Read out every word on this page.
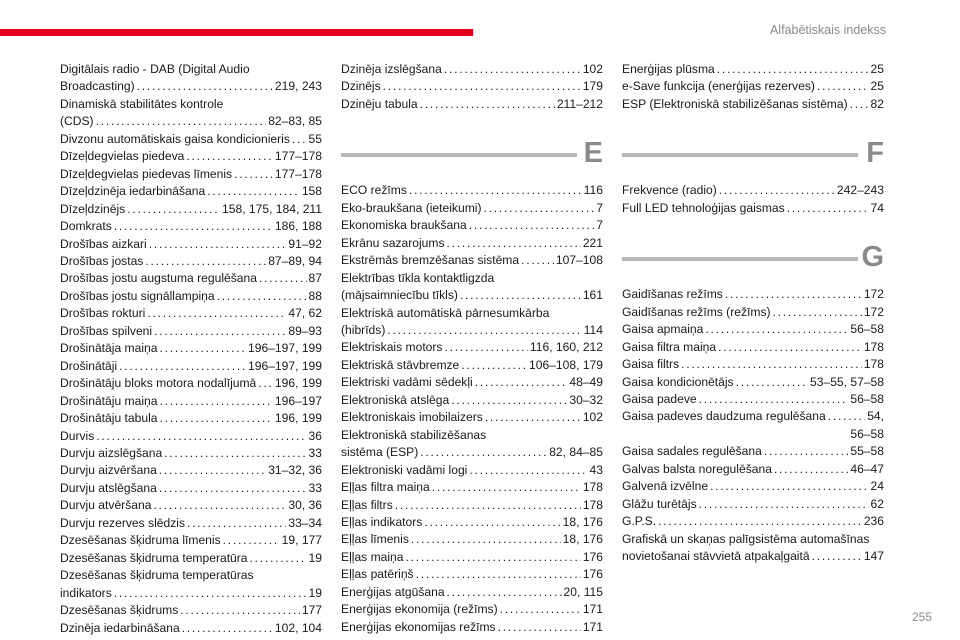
Alfabētiskais indekss
Digitālais radio - DAB (Digital Audio
Broadcasting) . . .	219, 243
Dinamiskā stabilitātes kontrole
(CDS) . . .	82–83, 85
Divzonu automātiskais gaisa kondicionieris . . . 55
Dīzeļdegvielas piedeva . . .	177–178
Dīzeļdegvielas piedevas līmenis . . .	177–178
Dīzeļdzinēja iedarbināšana . . .	158
Dīzeļdzinējs . . .	158, 175, 184, 211
Domkrats . . .	186, 188
Drošības aizkari . . .	91–92
Drošības jostas . . .	87–89, 94
Drošības jostu augstuma regulēšana . . .	87
Drošības jostu signāllampiņa . . .	88
Drošības rokturi . . .	47, 62
Drošības spilveni . . .	89–93
Drošinātāja maiņa . . .	196–197, 199
Drošinātāji . . .	196–197, 199
Drošinātāju bloks motora nodalījumā . . . 196, 199
Drošinātāju maiņa . . .	196–197
Drošinātāju tabula . . .	196, 199
Durvis . . .	36
Durvju aizslēgšana . . .	33
Durvju aizvēršana . . .	31–32, 36
Durvju atslēgšana . . .	33
Durvju atvēršana . . .	30, 36
Durvju rezerves slēdzis . . .	33–34
Dzesēšanas šķidruma līmenis . . .	19, 177
Dzesēšanas šķidruma temperatūra . . .	19
Dzesēšanas šķidruma temperatūras
indikators . . .	19
Dzesēšanas šķidrums . . .	177
Dzinēja iedarbināšana . . .	102, 104
Dzinēja izslēgšana . . .	102
Dzinējs . . .	179
Dzinēju tabula . . .	211–212
E
ECO režīms . . .	116
Eko-braukšana (ieteikumi) . . .	7
Ekonomiska braukšana . . .	7
Ekrānu sazarojums . . .	221
Ekstrēmās bremzēšanas sistēma . . .	107–108
Elektrības tīkla kontaktligzda
(mājsaimniecību tīkls) . . .	161
Elektriskā automātiskā pārnesumkārba
(hibrīds) . . .	114
Elektriskais motors . . .	116, 160, 212
Elektriskā stāvbremze . . .	106–108, 179
Elektriski vadāmi sēdekļi . . .	48–49
Elektroniskā atslēga . . .	30–32
Elektroniskais imobilaizers . . .	102
Elektroniskā stabilizēšanas
sistēma (ESP) . . .	82, 84–85
Elektroniski vadāmi logi . . .	43
Eļļas filtra maiņa . . .	178
Eļļas filtrs . . .	178
Eļļas indikators . . .	18, 176
Eļļas līmenis . . .	18, 176
Eļļas maiņa . . .	176
Eļļas patēriņš . . .	176
Enerģijas atgūšana . . .	20, 115
Enerģijas ekonomija (režīms) . . .	171
Enerģijas ekonomijas režīms . . .	171
Enerģijas plūsma . . .	25
e-Save funkcija (enerģijas rezerves) . . .	25
ESP (Elektroniskā stabilizēšanas sistēma) . . . 82
F
Frekvence (radio) . . .	242–243
Full LED tehnoloģijas gaismas . . .	74
G
Gaidīšanas režīms . . .	172
Gaidīšanas režīms (režīms) . . .	172
Gaisa apmaiņa . . .	56–58
Gaisa filtra maiņa . . .	178
Gaisa filtrs . . .	178
Gaisa kondicionētājs . . .	53–55, 57–58
Gaisa padeve . . .	56–58
Gaisa padeves daudzuma regulēšana . . .	54,
56–58
Gaisa sadales regulēšana . . .	55–58
Galvas balsta noregulēšana . . .	46–47
Galvenā izvēlne . . .	24
Glāžu turētājs . . .	62
G.P.S. . . .	236
Grafiskā un skaņas palīgsistēma automašīnas
novietošanai stāvvietā atpakaļgaitā . . .	147
255
